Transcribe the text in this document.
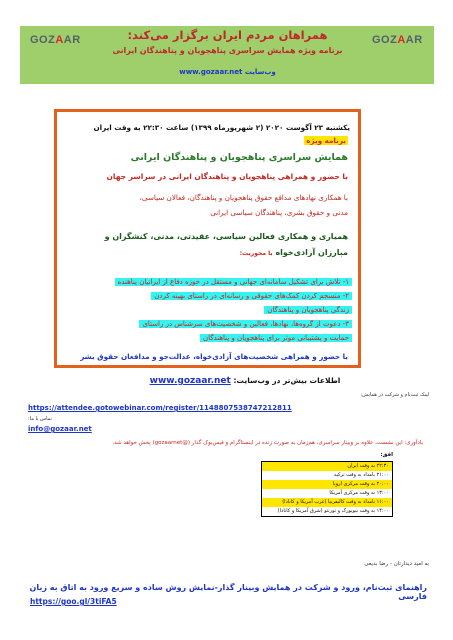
GOZAAR	GOZAAR
همراهان مردم ایران برگزار می‌کند:
برنامه ویژه همایش سراسری پناهجویان و پناهندگان ایرانی
www.gozaar.net وب‌سایت
یکشنبه ۲۳ آگوست ۲۰۲۰ (۲ شهریورماه ۱۳۹۹) ساعت ۲۲:۳۰ به وقت ایران
برنامه ویژه
همایش سراسری پناهجویان و پناهندگان ایرانی
با حضور و همراهی پناهجویان و پناهندگان ایرانی در سراسر جهان
با همکاری نهادهای مدافع حقوق پناهجویان و پناهندگان، فعالان سیاسی،
مدنی و حقوق بشری، پناهندگان سیاسی ایرانی
همیاری و همکاری فعالین سیاسی، عقیدتی، مدنی، کنشگران و
مبارزان آزادی‌خواه با محوریت:
۱- تلاش برای تشکیل سامانه‌ای جهانی و مستقل در حوزه دفاع از ایرانیان پناهنده
۲- منسجم کردن کمک‌های حقوقی و رسانه‌ای در راستای بهینه کردن
زندگی پناهجویان و پناهندگان
۳- دعوت از گروه‌ها، نهادها، فعالین و شخصیت‌های سرشناس در راستای
حمایت و پشتیبانی موثر برای پناهجویان و پناهندگان
با حضور و همراهی شخصیت‌های آزادی‌خواه، عدالت‌جو و مدافعان حقوق بشر
اطلاعات بیش‌تر در وب‌سایت: www.gozaar.net
لینک ثبت‌نام و شرکت در همایش:
https://attendee.gotowebinar.com/register/1148807538747212811
تماس با ما:
info@gozaar.net
یادآوری: این نشست، علاوه بر وبینار سراسری، هم‌زمان به صورت زنده در اینستاگرام و فیس‌بوک گذار (@gozaarnet) پخش خواهد شد.
افق:
۲۲:۳۰ به وقت ایران
۲۱:۰۰ بامداد به وقت ترکیه
۲۰:۰۰ به وقت مرکزی اروپا
۱۳:۰۰ به وقت مرکزی آمریکا
۱۱:۰۰ بامداد به وقت کالیفرنیا (غرب آمریکا و کانادا)
۱۴:۰۰ به وقت نیویورک و تورنتو (شرق آمریکا و کانادا)
به امید دیدارتان - رضا بدیعی
راهنمای ثبت‌نام، ورود و شرکت در همایش وبینار گذار-نمایش روش ساده و سریع ورود به اتاق به زبان فارسی
https://goo.gl/3tiFA5
